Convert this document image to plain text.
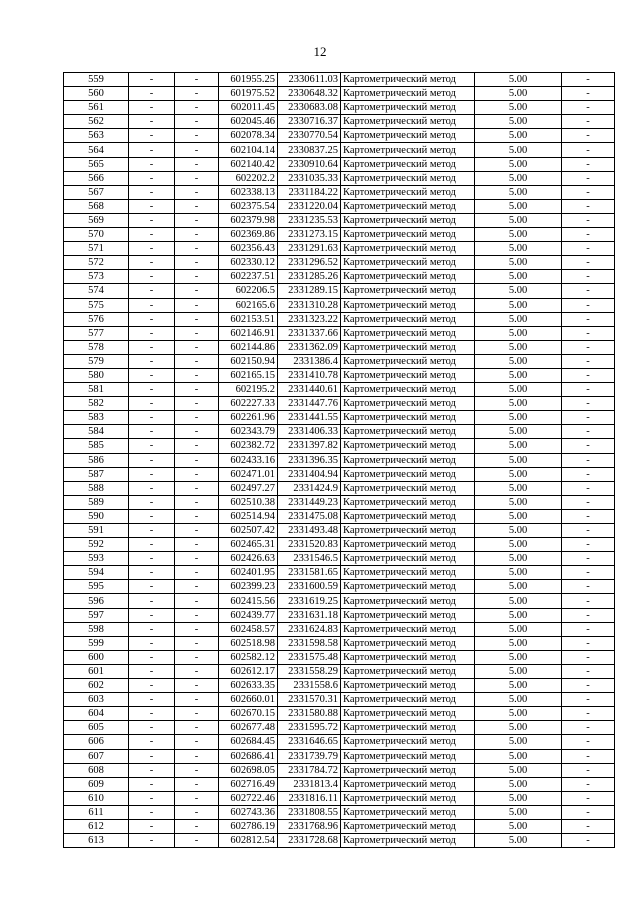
12
559	-	-	601955.25	2330611.03	Картометрический метод	5.00	-
560	-	-	601975.52	2330648.32	Картометрический метод	5.00	-
561	-	-	602011.45	2330683.08	Картометрический метод	5.00	-
562	-	-	602045.46	2330716.37	Картометрический метод	5.00	-
563	-	-	602078.34	2330770.54	Картометрический метод	5.00	-
564	-	-	602104.14	2330837.25	Картометрический метод	5.00	-
565	-	-	602140.42	2330910.64	Картометрический метод	5.00	-
566	-	-	602202.2	2331035.33	Картометрический метод	5.00	-
567	-	-	602338.13	2331184.22	Картометрический метод	5.00	-
568	-	-	602375.54	2331220.04	Картометрический метод	5.00	-
569	-	-	602379.98	2331235.53	Картометрический метод	5.00	-
570	-	-	602369.86	2331273.15	Картометрический метод	5.00	-
571	-	-	602356.43	2331291.63	Картометрический метод	5.00	-
572	-	-	602330.12	2331296.52	Картометрический метод	5.00	-
573	-	-	602237.51	2331285.26	Картометрический метод	5.00	-
574	-	-	602206.5	2331289.15	Картометрический метод	5.00	-
575	-	-	602165.6	2331310.28	Картометрический метод	5.00	-
576	-	-	602153.51	2331323.22	Картометрический метод	5.00	-
577	-	-	602146.91	2331337.66	Картометрический метод	5.00	-
578	-	-	602144.86	2331362.09	Картометрический метод	5.00	-
579	-	-	602150.94	2331386.4	Картометрический метод	5.00	-
580	-	-	602165.15	2331410.78	Картометрический метод	5.00	-
581	-	-	602195.2	2331440.61	Картометрический метод	5.00	-
582	-	-	602227.33	2331447.76	Картометрический метод	5.00	-
583	-	-	602261.96	2331441.55	Картометрический метод	5.00	-
584	-	-	602343.79	2331406.33	Картометрический метод	5.00	-
585	-	-	602382.72	2331397.82	Картометрический метод	5.00	-
586	-	-	602433.16	2331396.35	Картометрический метод	5.00	-
587	-	-	602471.01	2331404.94	Картометрический метод	5.00	-
588	-	-	602497.27	2331424.9	Картометрический метод	5.00	-
589	-	-	602510.38	2331449.23	Картометрический метод	5.00	-
590	-	-	602514.94	2331475.08	Картометрический метод	5.00	-
591	-	-	602507.42	2331493.48	Картометрический метод	5.00	-
592	-	-	602465.31	2331520.83	Картометрический метод	5.00	-
593	-	-	602426.63	2331546.5	Картометрический метод	5.00	-
594	-	-	602401.95	2331581.65	Картометрический метод	5.00	-
595	-	-	602399.23	2331600.59	Картометрический метод	5.00	-
596	-	-	602415.56	2331619.25	Картометрический метод	5.00	-
597	-	-	602439.77	2331631.18	Картометрический метод	5.00	-
598	-	-	602458.57	2331624.83	Картометрический метод	5.00	-
599	-	-	602518.98	2331598.58	Картометрический метод	5.00	-
600	-	-	602582.12	2331575.48	Картометрический метод	5.00	-
601	-	-	602612.17	2331558.29	Картометрический метод	5.00	-
602	-	-	602633.35	2331558.6	Картометрический метод	5.00	-
603	-	-	602660.01	2331570.31	Картометрический метод	5.00	-
604	-	-	602670.15	2331580.88	Картометрический метод	5.00	-
605	-	-	602677.48	2331595.72	Картометрический метод	5.00	-
606	-	-	602684.45	2331646.65	Картометрический метод	5.00	-
607	-	-	602686.41	2331739.79	Картометрический метод	5.00	-
608	-	-	602698.05	2331784.72	Картометрический метод	5.00	-
609	-	-	602716.49	2331813.4	Картометрический метод	5.00	-
610	-	-	602722.46	2331816.11	Картометрический метод	5.00	-
611	-	-	602743.36	2331808.55	Картометрический метод	5.00	-
612	-	-	602786.19	2331768.96	Картометрический метод	5.00	-
613	-	-	602812.54	2331728.68	Картометрический метод	5.00	-
